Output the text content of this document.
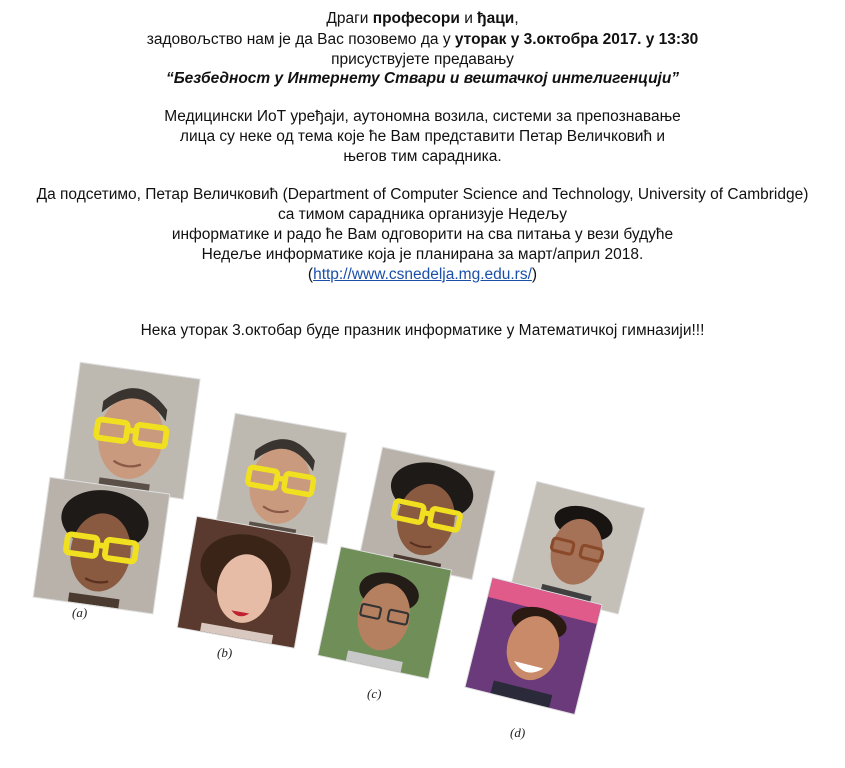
Драги професори и ђаци,
задовољство нам је да Вас позовемо да у уторак у 3.октобра 2017. у 13:30
присуствујете предавању
“Безбедност у Интернету Ствари и вештачкој интелигенцији”
Медицински ИоТ уређаји, аутономна возила, системи за препознавање
лица су неке од тема које ће Вам представити Петар Величковић и
његов тим сарадника.
Да подсетимо, Петар Величковић (Department of Computer Science and Technology, University of Cambridge)
са тимом сарадника организује Недељу
информатике и радо ће Вам одговорити на сва питања у вези будуће
Недеље информатике која је планирана за март/април 2018.
(http://www.csnedelja.mg.edu.rs/)
Нека уторак 3.октобар буде празник информатике у Математичкој гимназији!!!
(a)
(b)
(c)
(d)
